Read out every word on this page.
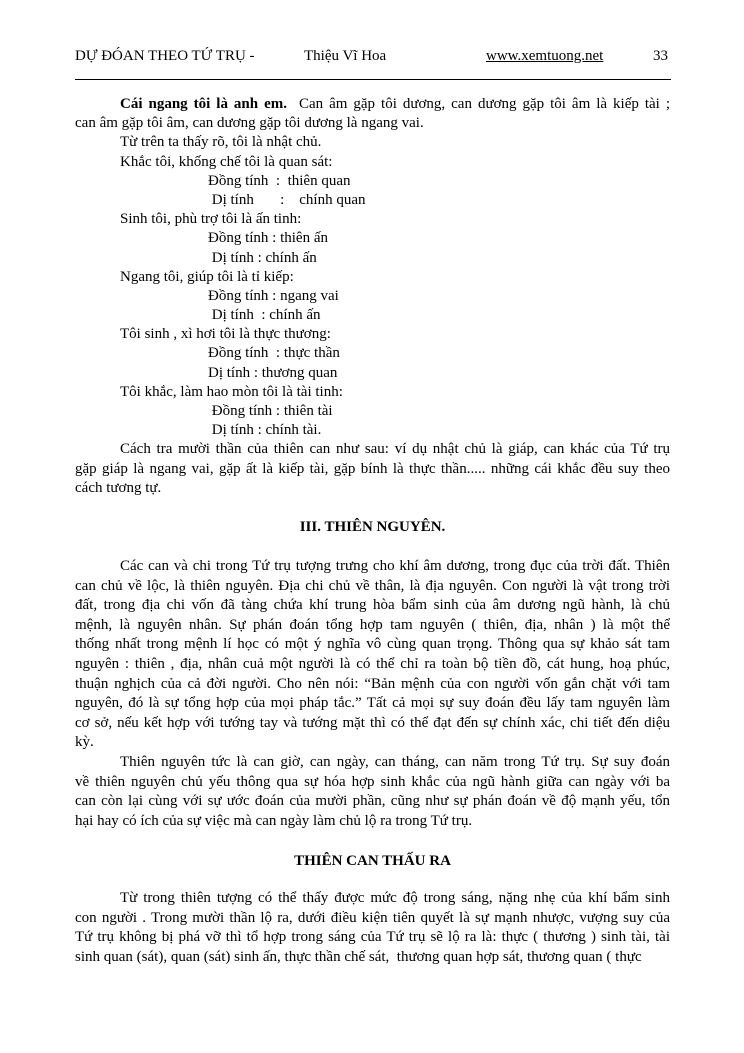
DỰ ĐÓAN THEO TỨ TRỤ -	Thiệu Vĩ Hoa	www.xemtuong.net	33
Cái ngang tôi là anh em.  Can âm gặp tôi dương, can dương gặp tôi âm là kiếp tài ;
can âm gặp tôi âm, can dương gặp tôi dương là ngang vai.
Từ trên ta thấy rõ, tôi là nhật chủ.
Khắc tôi, khống chế tôi là quan sát:
Đồng tính  :  thiên quan
Dị tính       :    chính quan
Sinh tôi, phù trợ tôi là ấn tinh:
Đồng tính : thiên ấn
Dị tính : chính ấn
Ngang tôi, giúp tôi là tỉ kiếp:
Đồng tính : ngang vai
Dị tính  : chính ấn
Tôi sinh , xì hơi tôi là thực thương:
Đồng tính  : thực thần
Dị tính : thương quan
Tôi khắc, làm hao mòn tôi là tài tinh:
Đồng tính : thiên tài
Dị tính : chính tài.
Cách tra mười thần của thiên can như sau: ví dụ nhật chủ là giáp, can khác của Tứ trụ
gặp giáp là ngang vai, gặp ất là kiếp tài, gặp bính là thực thần..... những cái khắc đều suy theo
cách tương tự.
III. THIÊN NGUYÊN.
Các can và chi trong Tứ trụ tượng trưng cho khí âm dương, trong đục của trời đất. Thiên
can chủ về lộc, là thiên nguyên. Địa chi chủ về thân, là địa nguyên. Con người là vật trong trời
đất, trong địa chi vốn đã tàng chứa khí trung hòa bẩm sinh của âm dương ngũ hành, là chủ
mệnh, là nguyên nhân. Sự phán đoán tổng hợp tam nguyên ( thiên, địa, nhân ) là một thể
thống nhất trong mệnh lí học có một ý nghĩa vô cùng quan trọng. Thông qua sự khảo sát tam
nguyên : thiên , địa, nhân cuả một người là có thể chỉ ra toàn bộ tiền đồ, cát hung, hoạ phúc,
thuận nghịch của cả đời người. Cho nên nói: “Bản mệnh của con người vốn gắn chặt với tam
nguyên, đó là sự tổng hợp của mọi pháp tắc.” Tất cả mọi sự suy đoán đều lấy tam nguyên làm
cơ sở, nếu kết hợp với tướng tay và tướng mặt thì có thể đạt đến sự chính xác, chi tiết đến diệu
kỳ.
Thiên nguyên tức là can giờ, can ngày, can tháng, can năm trong Tứ trụ. Sự suy đoán
về thiên nguyên chủ yếu thông qua sự hóa hợp sinh khắc của ngũ hành giữa can ngày với ba
can còn lại cùng với sự ước đoán của mười phần, cũng như sự phán đoán về độ mạnh yếu, tổn
hại hay có ích của sự việc mà can ngày làm chủ lộ ra trong Tứ trụ.
THIÊN CAN THẤU RA
Từ trong thiên tượng có thể thấy được mức độ trong sáng, nặng nhẹ của khí bẩm sinh
con người . Trong mười thần lộ ra, dưới điều kiện tiên quyết là sự mạnh nhược, vượng suy của
Tứ trụ không bị phá vỡ thì tổ hợp trong sáng của Tứ trụ sẽ lộ ra là: thực ( thương ) sinh tài, tài
sinh quan (sát), quan (sát) sinh ấn, thực thần chế sát,  thương quan hợp sát, thương quan ( thực
